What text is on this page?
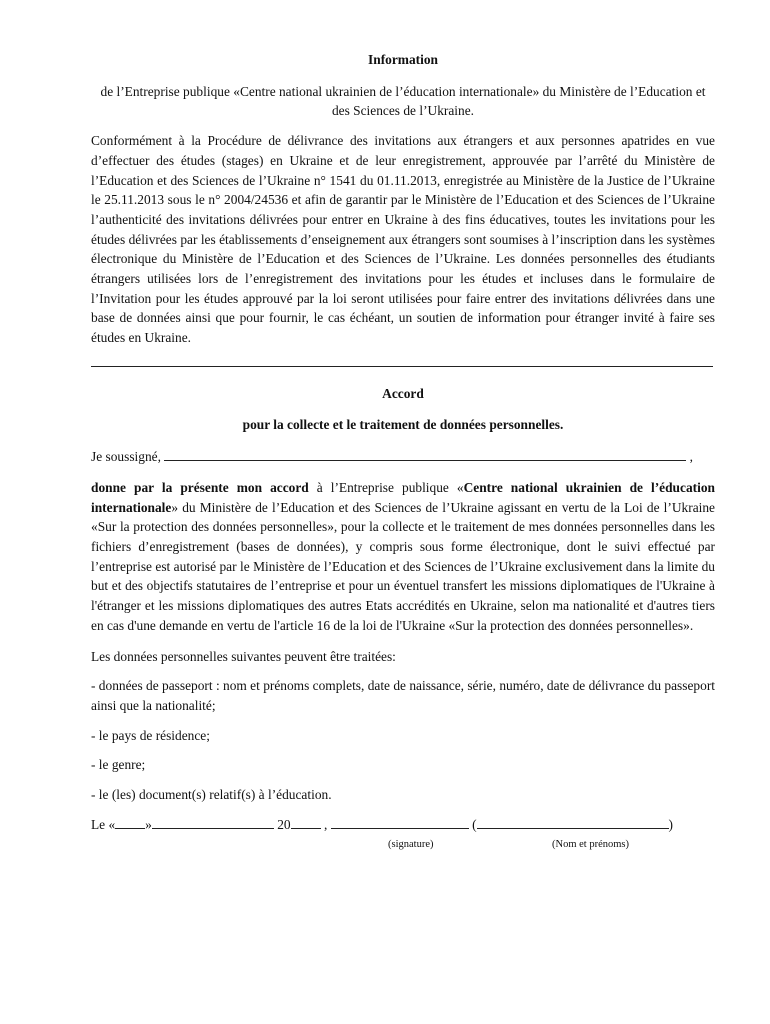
Information
de l’Entreprise publique «Centre national ukrainien de l’éducation internationale» du Ministère de l’Education et des Sciences de l’Ukraine.

Conformément à la Procédure de délivrance des invitations aux étrangers et aux personnes apatrides en vue d’effectuer des études (stages) en Ukraine et de leur enregistrement, approuvée par l’arrêté du Ministère de l’Education et des Sciences de l’Ukraine n° 1541 du 01.11.2013, enregistrée au Ministère de la Justice de l’Ukraine le 25.11.2013 sous le n° 2004/24536 et afin de garantir par le Ministère de l’Education et des Sciences de l’Ukraine l’authenticité des invitations délivrées pour entrer en Ukraine à des fins éducatives, toutes les invitations pour les études délivrées par les établissements d’enseignement aux étrangers sont soumises à l’inscription dans les systèmes électronique du Ministère de l’Education et des Sciences de l’Ukraine. Les données personnelles des étudiants étrangers utilisées lors de l’enregistrement des invitations pour les études et incluses dans le formulaire de l’Invitation pour les études approuvé par la loi seront utilisées pour faire entrer des invitations délivrées dans une base de données ainsi que pour fournir, le cas échéant, un soutien de information pour étranger invité à faire ses études en Ukraine.

Accord
pour la collecte et le traitement de données personnelles.
Je soussigné,	,

donne par la présente mon accord à l’Entreprise publique «Centre national ukrainien de l’éducation internationale» du Ministère de l’Education et des Sciences de l’Ukraine agissant en vertu de la Loi de l’Ukraine «Sur la protection des données personnelles», pour la collecte et le traitement de mes données personnelles dans les fichiers d’enregistrement (bases de données), y compris sous forme électronique, dont le suivi effectué par l’entreprise est autorisé par le Ministère de l’Education et des Sciences de l’Ukraine exclusivement dans la limite du but et des objectifs statutaires de l’entreprise et pour un éventuel transfert les missions diplomatiques de l'Ukraine à l'étranger et les missions diplomatiques des autres Etats accrédités en Ukraine, selon ma nationalité et d'autres tiers en cas d'une demande en vertu de l'article 16 de la loi de l'Ukraine «Sur la protection des données personnelles».

Les données personnelles suivantes peuvent être traitées:

- données de passeport : nom et prénoms complets, date de naissance, série, numéro, date de délivrance du passeport ainsi que la nationalité;

- le pays de résidence;

- le genre;

- le (les) document(s) relatif(s) à l’éducation.

Le « »	20 ,	(	)
(signature)	(Nom et prénoms)
